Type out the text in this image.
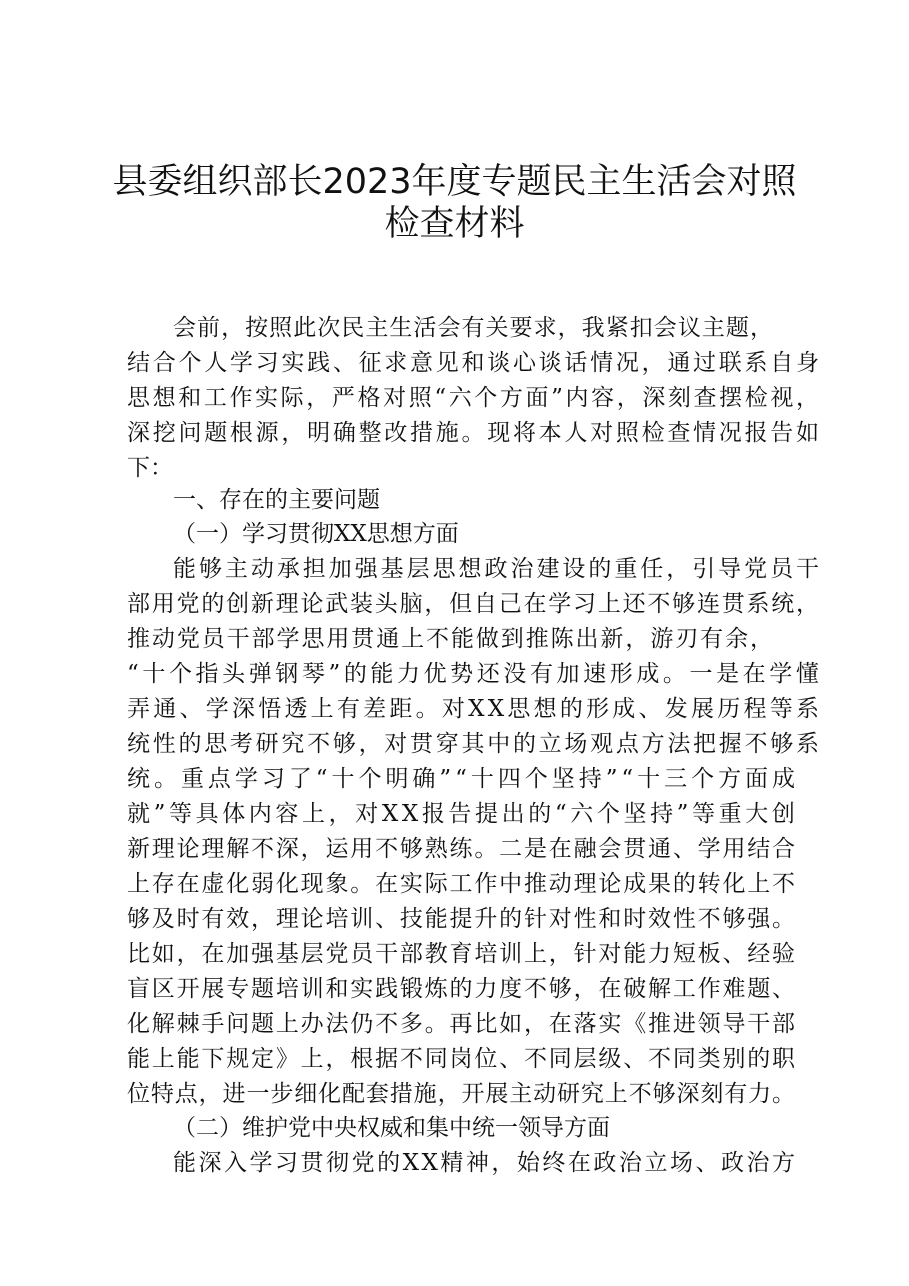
县委组织部长2023年度专题民主生活会对照
检查材料
会前，按照此次民主生活会有关要求，我紧扣会议主题，
结合个人学习实践、征求意见和谈心谈话情况，通过联系自身
思想和工作实际，严格对照“六个方面”内容，深刻查摆检视，
深挖问题根源，明确整改措施。现将本人对照检查情况报告如
下：
一、存在的主要问题
（一）学习贯彻XX思想方面
能够主动承担加强基层思想政治建设的重任，引导党员干
部用党的创新理论武装头脑，但自己在学习上还不够连贯系统，
推动党员干部学思用贯通上不能做到推陈出新，游刃有余，
“十个指头弹钢琴”的能力优势还没有加速形成。一是在学懂
弄通、学深悟透上有差距。对XX思想的形成、发展历程等系
统性的思考研究不够，对贯穿其中的立场观点方法把握不够系
统。重点学习了“十个明确”“十四个坚持”“十三个方面成
就”等具体内容上，对XX报告提出的“六个坚持”等重大创
新理论理解不深，运用不够熟练。二是在融会贯通、学用结合
上存在虚化弱化现象。在实际工作中推动理论成果的转化上不
够及时有效，理论培训、技能提升的针对性和时效性不够强。
比如，在加强基层党员干部教育培训上，针对能力短板、经验
盲区开展专题培训和实践锻炼的力度不够，在破解工作难题、
化解棘手问题上办法仍不多。再比如，在落实《推进领导干部
能上能下规定》上，根据不同岗位、不同层级、不同类别的职
位特点，进一步细化配套措施，开展主动研究上不够深刻有力。
（二）维护党中央权威和集中统一领导方面
能深入学习贯彻党的XX精神，始终在政治立场、政治方
